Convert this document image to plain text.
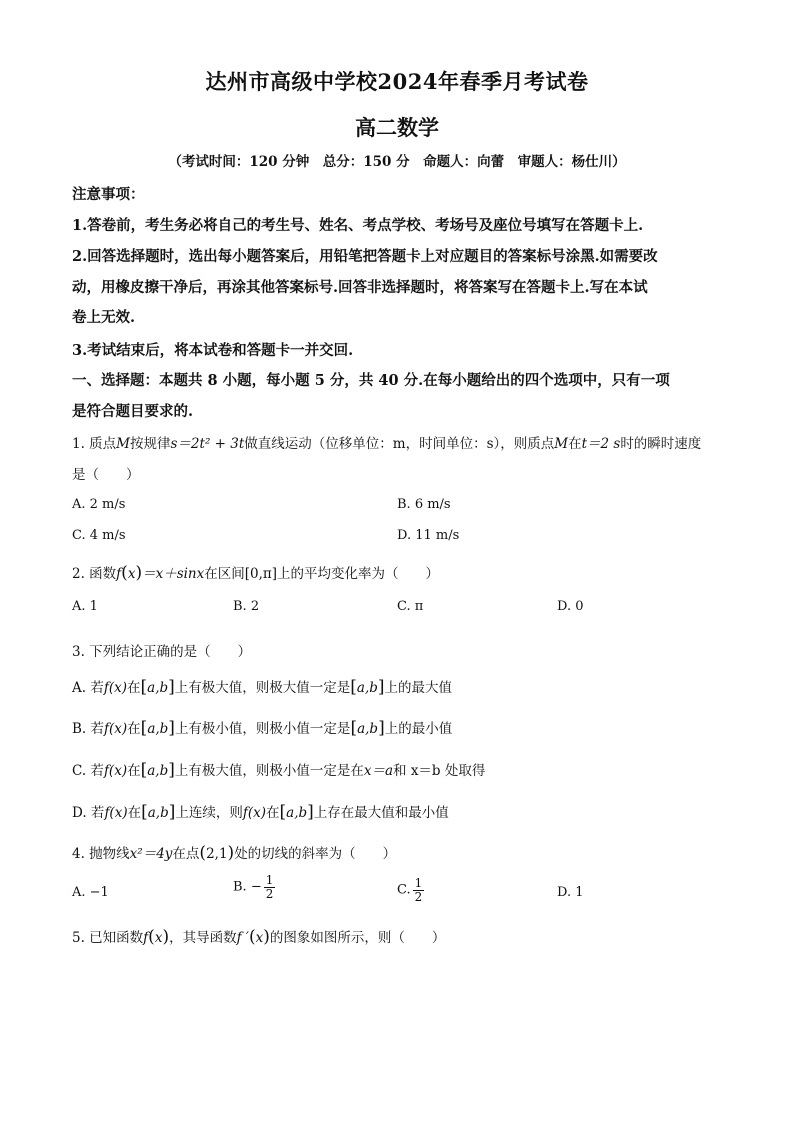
达州市高级中学校2024年春季月考试卷
高二数学
（考试时间：120 分钟　总分：150 分　命题人：向蕾　审题人：杨仕川）
注意事项：
1.答卷前，考生务必将自己的考生号、姓名、考点学校、考场号及座位号填写在答题卡上.
2.回答选择题时，选出每小题答案后，用铅笔把答题卡上对应题目的答案标号涂黑.如需要改
动，用橡皮擦干净后，再涂其他答案标号.回答非选择题时，将答案写在答题卡上.写在本试
卷上无效.
3.考试结束后，将本试卷和答题卡一并交回.
一、选择题：本题共 8 小题，每小题 5 分，共 40 分.在每小题给出的四个选项中，只有一项
是符合题目要求的.
1. 质点M按规律s＝2t² + 3t做直线运动（位移单位：m，时间单位：s），则质点M在t＝2 s时的瞬时速度
是（　　）
A. 2 m/s	B. 6 m/s
C. 4 m/s	D. 11 m/s
2. 函数f(x)＝x＋sinx在区间[0,π]上的平均变化率为（　　）
A. 1	B. 2	C. π	D. 0
3. 下列结论正确的是（　　）
A. 若f(x)在[a,b]上有极大值，则极大值一定是[a,b]上的最大值
B. 若f(x)在[a,b]上有极小值，则极小值一定是[a,b]上的最小值
C. 若f(x)在[a,b]上有极大值，则极小值一定是在x＝a和 x＝b 处取得
D. 若f(x)在[a,b]上连续，则f(x)在[a,b]上存在最大值和最小值
4. 抛物线x²＝4y在点(2,1)处的切线的斜率为（　　）
A. −1	B. − $\frac{1}{2}$	C. $\frac{1}{2}$	D. 1
5. 已知函数f(x)，其导函数f ′(x)的图象如图所示，则（　　）
